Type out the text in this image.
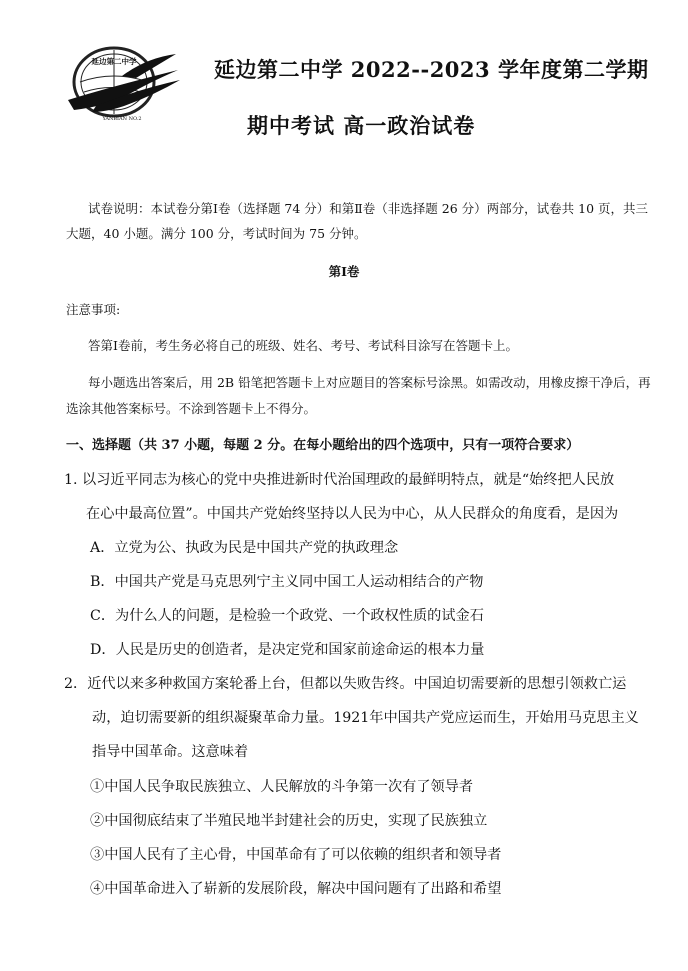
延边第二中学
YANBIAN NO.2
延边第二中学 2022--2023 学年度第二学期
期中考试 高一政治试卷
试卷说明：本试卷分第Ⅰ卷（选择题 74 分）和第Ⅱ卷（非选择题 26 分）两部分，试卷共 10 页，共三
大题，40 小题。满分 100 分，考试时间为 75 分钟。
第Ⅰ卷
注意事项:
答第Ⅰ卷前，考生务必将自己的班级、姓名、考号、考试科目涂写在答题卡上。
每小题选出答案后，用 2B 铅笔把答题卡上对应题目的答案标号涂黑。如需改动，用橡皮擦干净后，再
选涂其他答案标号。不涂到答题卡上不得分。
一、选择题（共 37 小题，每题 2 分。在每小题给出的四个选项中，只有一项符合要求）
1. 以习近平同志为核心的党中央推进新时代治国理政的最鲜明特点，就是“始终把人民放
在心中最高位置”。中国共产党始终坚持以人民为中心，从人民群众的角度看，是因为
A．立党为公、执政为民是中国共产党的执政理念
B．中国共产党是马克思列宁主义同中国工人运动相结合的产物
C．为什么人的问题，是检验一个政党、一个政权性质的试金石
D．人民是历史的创造者，是决定党和国家前途命运的根本力量
2．近代以来多种救国方案轮番上台，但都以失败告终。中国迫切需要新的思想引领救亡运
动，迫切需要新的组织凝聚革命力量。1921年中国共产党应运而生，开始用马克思主义
指导中国革命。这意味着
①中国人民争取民族独立、人民解放的斗争第一次有了领导者
②中国彻底结束了半殖民地半封建社会的历史，实现了民族独立
③中国人民有了主心骨，中国革命有了可以依赖的组织者和领导者
④中国革命进入了崭新的发展阶段，解决中国问题有了出路和希望
